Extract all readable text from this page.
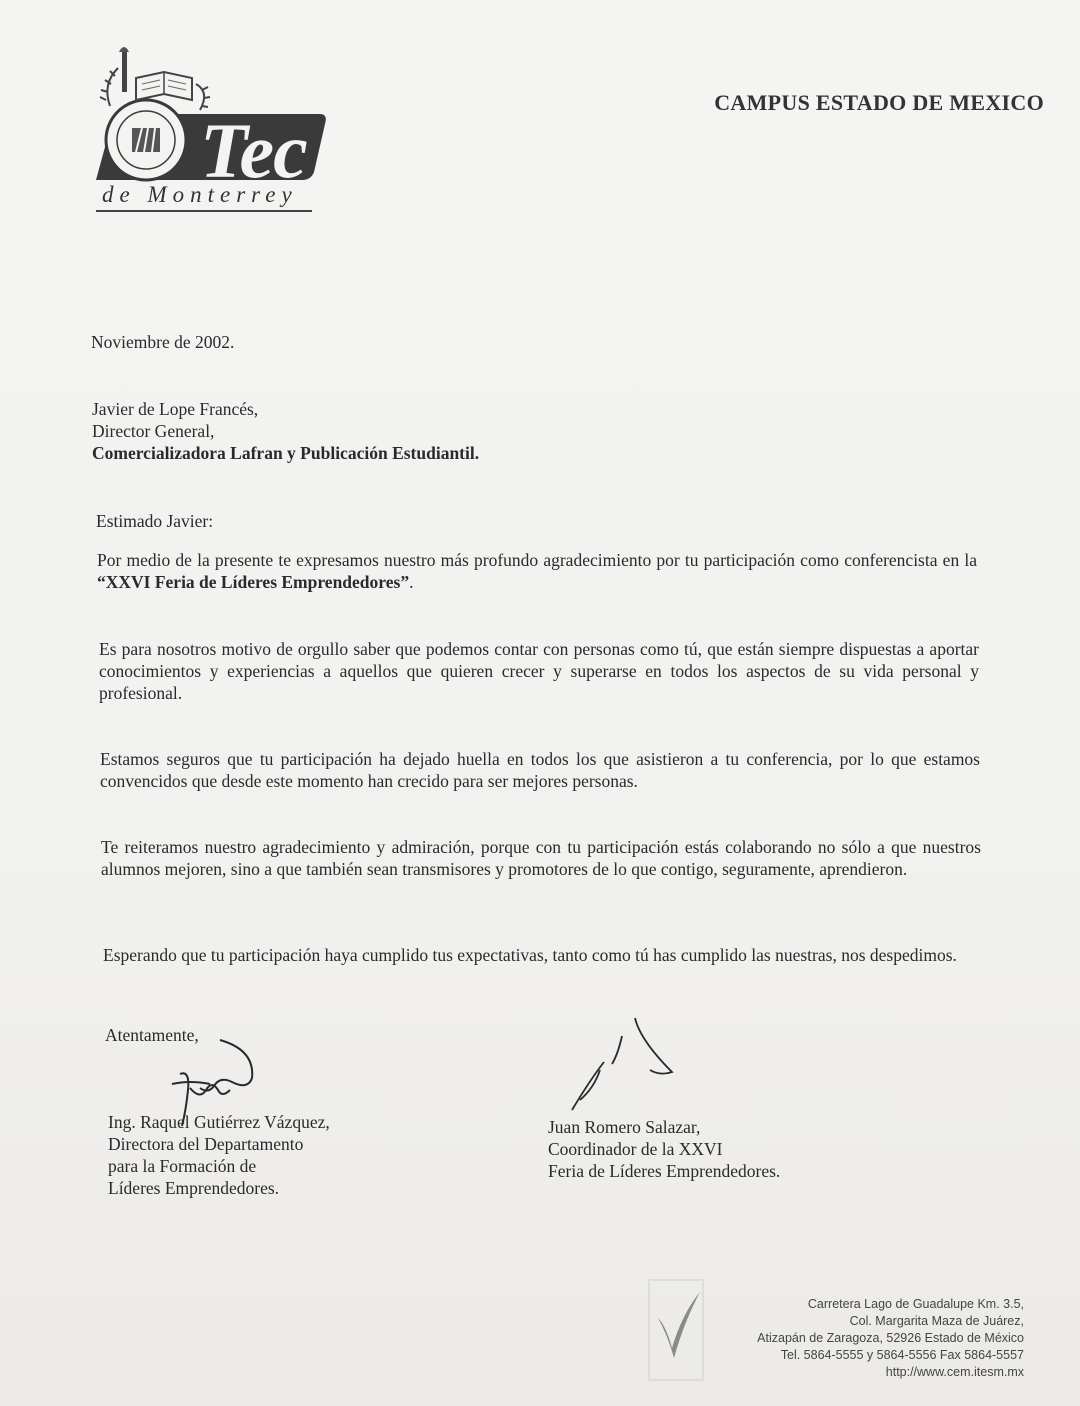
Tec
de Monterrey
CAMPUS ESTADO DE MEXICO
Noviembre de 2002.
Javier de Lope Francés,
Director General,
Comercializadora Lafran y Publicación Estudiantil.
Estimado Javier:
Por medio de la presente te expresamos nuestro más profundo agradecimiento por tu participación como conferencista en la “XXVI Feria de Líderes Emprendedores”.
Es para nosotros motivo de orgullo saber que podemos contar con personas como tú, que están siempre dispuestas a aportar conocimientos y experiencias a aquellos que quieren crecer y superarse en todos los aspectos de su vida personal y profesional.
Estamos seguros que tu participación ha dejado huella en todos los que asistieron a tu conferencia, por lo que estamos convencidos que desde este momento han crecido para ser mejores personas.
Te reiteramos nuestro agradecimiento y admiración, porque con tu participación estás colaborando no sólo a que nuestros alumnos mejoren, sino a que también sean transmisores y promotores de lo que contigo, seguramente, aprendieron.
Esperando que tu participación haya cumplido tus expectativas, tanto como tú has cumplido las nuestras, nos despedimos.
Atentamente,
Ing. Raquel Gutiérrez Vázquez,
Directora del Departamento
para la Formación de
Líderes Emprendedores.
Juan Romero Salazar,
Coordinador de la XXVI
Feria de Líderes Emprendedores.
Carretera Lago de Guadalupe Km. 3.5,
Col. Margarita Maza de Juárez,
Atizapán de Zaragoza, 52926 Estado de México
Tel. 5864-5555 y 5864-5556 Fax 5864-5557
http://www.cem.itesm.mx
